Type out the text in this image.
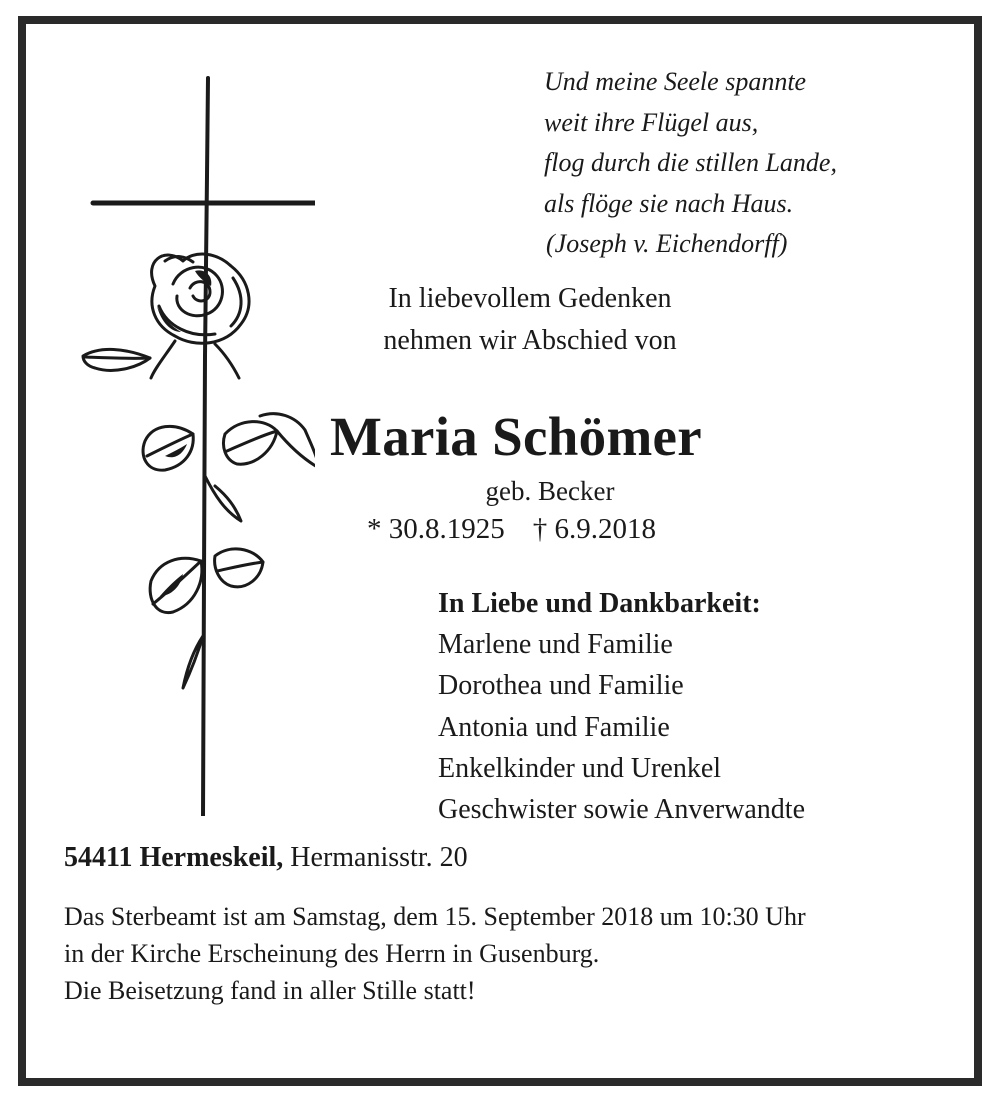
Und meine Seele spannte
weit ihre Flügel aus,
flog durch die stillen Lande,
als flöge sie nach Haus.
(Joseph v. Eichendorff)
In liebevollem Gedenken
nehmen wir Abschied von
Maria Schömer
geb. Becker
* 30.8.1925 † 6.9.2018
In Liebe und Dankbarkeit:
Marlene und Familie
Dorothea und Familie
Antonia und Familie
Enkelkinder und Urenkel
Geschwister sowie Anverwandte
54411 Hermeskeil, Hermanisstr. 20
Das Sterbeamt ist am Samstag, dem 15. September 2018 um 10:30 Uhr
in der Kirche Erscheinung des Herrn in Gusenburg.
Die Beisetzung fand in aller Stille statt!
